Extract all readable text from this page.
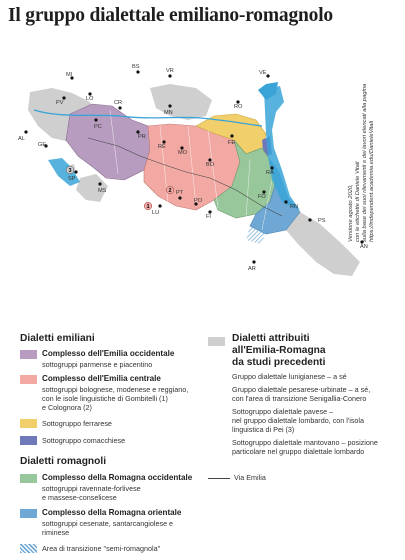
Il gruppo dialettale emiliano-romagnolo
MI
BS
VR	VE
PV
LO
CR
MN
RO
AL
PC
PR
RE
MO
FE
BO
RA
GE
SP
MS
LU
PT
PO
FI
FO
RN
PS
AN
AR
1
2
3
Versione agosto 2020, con le etichette di Daniele Vitali sulla base dei suoi rilevamenti e dei lavori elencati alla pagina https://independent.academia.edu/DanieleVitali
Dialetti emiliani
Complesso dell'Emilia occidentale
sottogruppi parmense e piacentino
Complesso dell'Emilia centrale
sottogruppi bolognese, modenese e reggiano,
con le isole linguistiche di Gombitelli (1)
e Colognora (2)
Sottogruppo ferrarese
Sottogruppo comacchiese
Dialetti romagnoli
Complesso della Romagna occidentale
sottogruppi ravennate-forlivese
e massese-conselicese
Complesso della Romagna orientale
sottogruppi cesenate, santarcangiolese e
riminese
Area di transizione "semi-romagnola"
Dialetti attribuiti
all'Emilia-Romagna
da studi precedenti
Gruppo dialettale lunigianese – a sé
Gruppo dialettale pesarese-urbinate – a sé,
con l'area di transizione Senigallia-Conero
Sottogruppo dialettale pavese –
nel gruppo dialettale lombardo, con l'isola
linguistica di Pei (3)
Sottogruppo dialettale mantovano – posizione
particolare nel gruppo dialettale lombardo
Via Emilia
